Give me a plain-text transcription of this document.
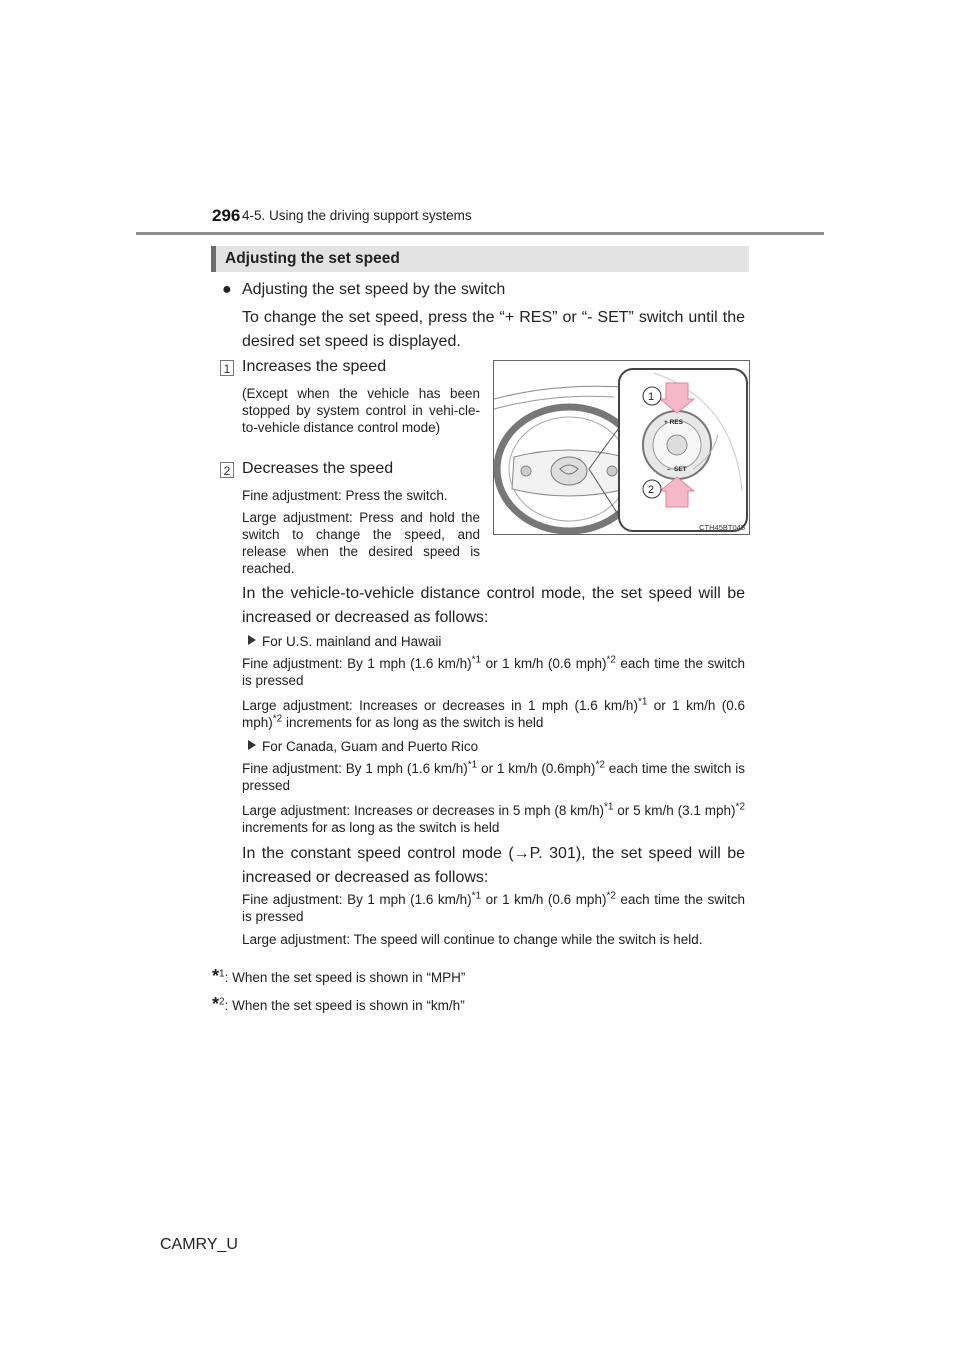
296 4-5. Using the driving support systems
Adjusting the set speed
● Adjusting the set speed by the switch
To change the set speed, press the “+ RES” or “- SET” switch until the desired set speed is displayed.
1 Increases the speed
(Except when the vehicle has been stopped by system control in vehi-cle-to-vehicle distance control mode)
2 Decreases the speed
Fine adjustment: Press the switch.
Large adjustment: Press and hold the switch to change the speed, and release when the desired speed is reached.
1
2
+ RES
– SET
CTH45BT045
In the vehicle-to-vehicle distance control mode, the set speed will be increased or decreased as follows:
For U.S. mainland and Hawaii
Fine adjustment: By 1 mph (1.6 km/h)$^{*1}$ or 1 km/h (0.6 mph)$^{*2}$ each time the switch is pressed
Large adjustment: Increases or decreases in 1 mph (1.6 km/h)$^{*1}$ or 1 km/h (0.6 mph)$^{*2}$ increments for as long as the switch is held
For Canada, Guam and Puerto Rico
Fine adjustment: By 1 mph (1.6 km/h)$^{*1}$ or 1 km/h $(0.6mph)^{*2}$ each time the switch is pressed
Large adjustment: Increases or decreases in 5 mph (8 km/h)$^{*1}$ or 5 km/h (3.1 mph)$^{*2}$ increments for as long as the switch is held
In the constant speed control mode (→P. 301), the set speed will be increased or decreased as follows:
Fine adjustment: By 1 mph (1.6 km/h)$^{*1}$ or 1 km/h (0.6 mph)$^{*2}$ each time the switch is pressed
Large adjustment: The speed will continue to change while the switch is held.
*$^1$: When the set speed is shown in “MPH”
*$^2$: When the set speed is shown in “km/h”
CAMRY_U
